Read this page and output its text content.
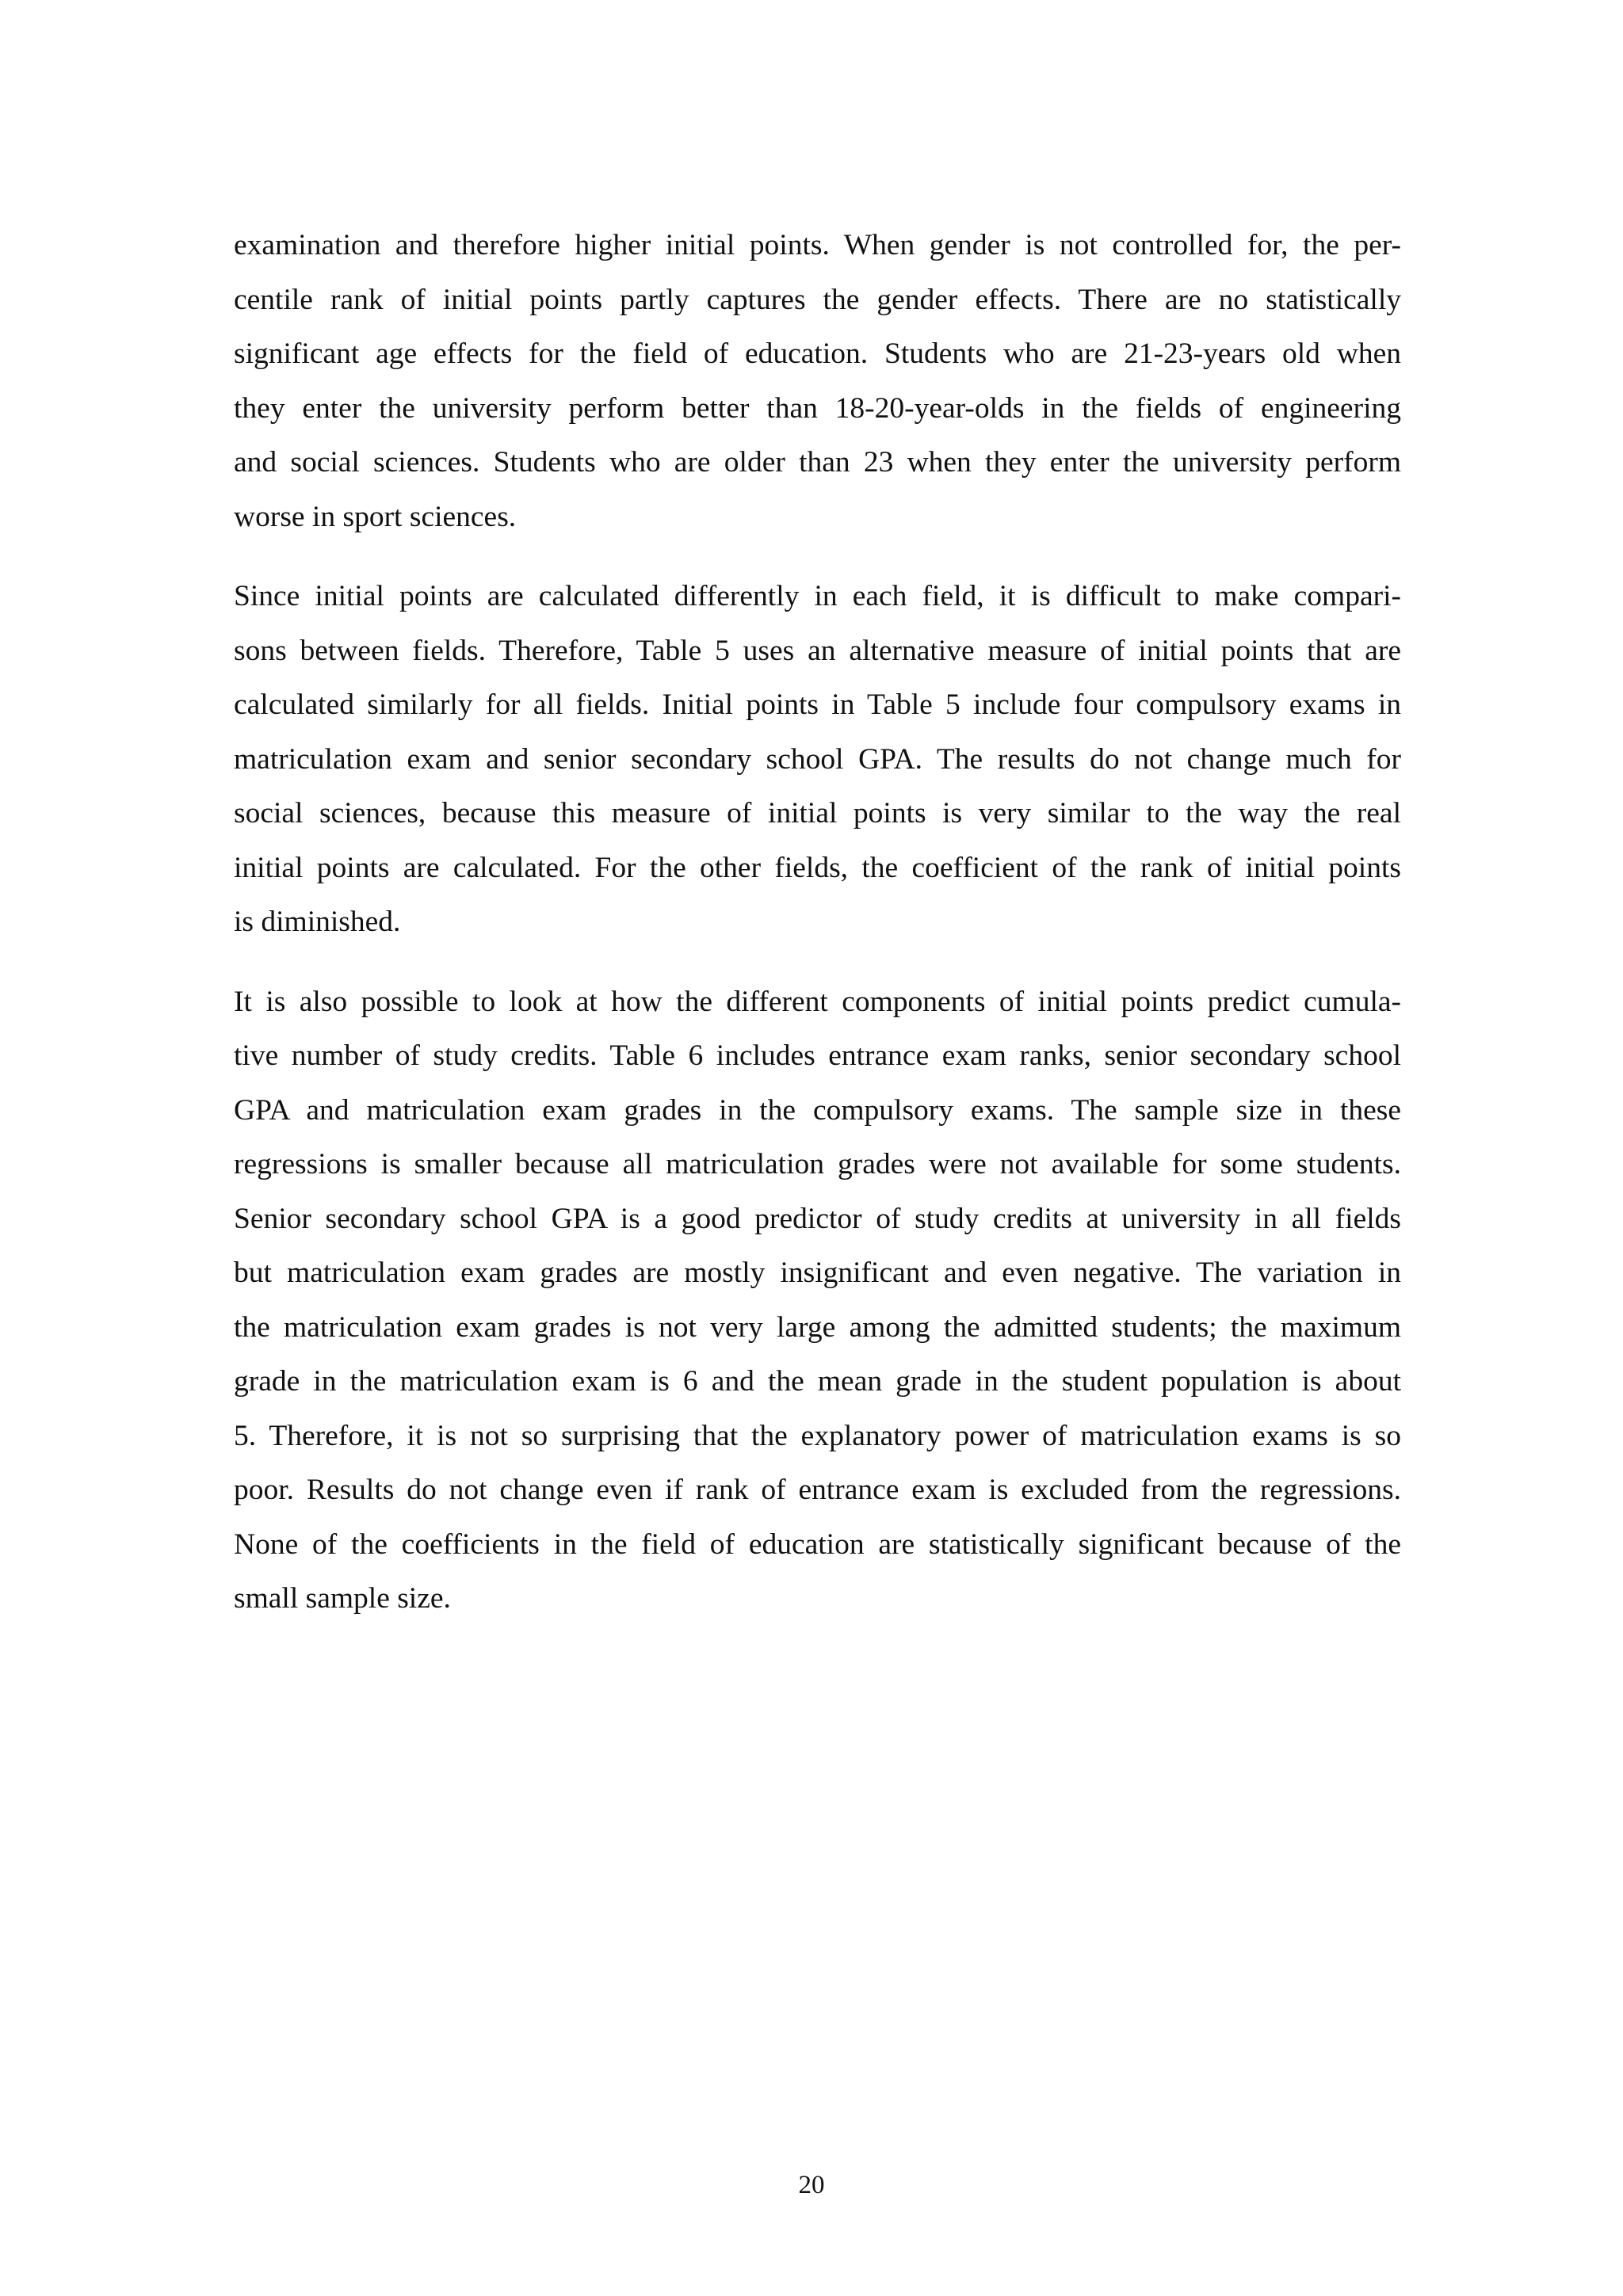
examination and therefore higher initial points. When gender is not controlled for, the per-
centile rank of initial points partly captures the gender effects. There are no statistically
significant age effects for the field of education. Students who are 21-23-years old when
they enter the university perform better than 18-20-year-olds in the fields of engineering
and social sciences. Students who are older than 23 when they enter the university perform
worse in sport sciences.

Since initial points are calculated differently in each field, it is difficult to make compari-
sons between fields. Therefore, Table 5 uses an alternative measure of initial points that are
calculated similarly for all fields. Initial points in Table 5 include four compulsory exams in
matriculation exam and senior secondary school GPA. The results do not change much for
social sciences, because this measure of initial points is very similar to the way the real
initial points are calculated. For the other fields, the coefficient of the rank of initial points
is diminished.

It is also possible to look at how the different components of initial points predict cumula-
tive number of study credits. Table 6 includes entrance exam ranks, senior secondary school
GPA and matriculation exam grades in the compulsory exams. The sample size in these
regressions is smaller because all matriculation grades were not available for some students.
Senior secondary school GPA is a good predictor of study credits at university in all fields
but matriculation exam grades are mostly insignificant and even negative. The variation in
the matriculation exam grades is not very large among the admitted students; the maximum
grade in the matriculation exam is 6 and the mean grade in the student population is about
5. Therefore, it is not so surprising that the explanatory power of matriculation exams is so
poor. Results do not change even if rank of entrance exam is excluded from the regressions.
None of the coefficients in the field of education are statistically significant because of the
small sample size.

20
